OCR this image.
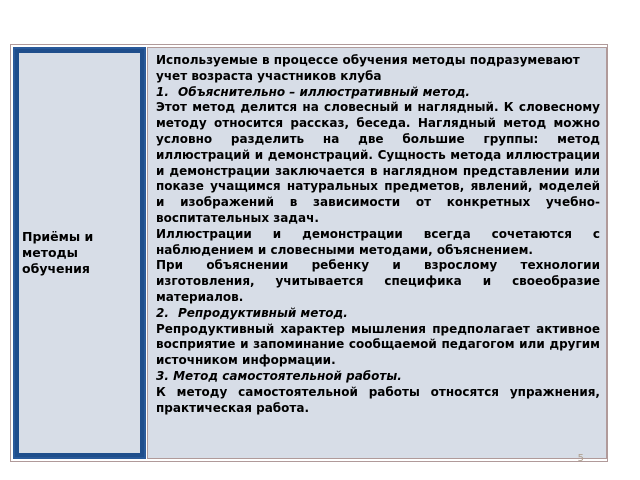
Приёмы и методы обучения

Используемые в процессе обучения методы подразумевают учет возраста участников клуба

1. Объяснительно – иллюстративный метод.

Этот метод делится на словесный и наглядный. К словесному методу относится рассказ, беседа. Наглядный метод можно условно разделить на две большие группы: метод иллюстраций и демонстраций. Сущность метода иллюстрации и демонстрации заключается в наглядном представлении или показе учащимся натуральных предметов, явлений, моделей и изображений в зависимости от конкретных учебно-воспитательных задач.

Иллюстрации и демонстрации всегда сочетаются с наблюдением и словесными методами, объяснением.

При объяснении ребенку и взрослому технологии изготовления, учитывается специфика и своеобразие материалов.

2. Репродуктивный метод.

Репродуктивный характер мышления предполагает активное восприятие и запоминание сообщаемой педагогом или другим источником информации.

3. Метод самостоятельной работы.

К методу самостоятельной работы относятся упражнения, практическая работа.

5
